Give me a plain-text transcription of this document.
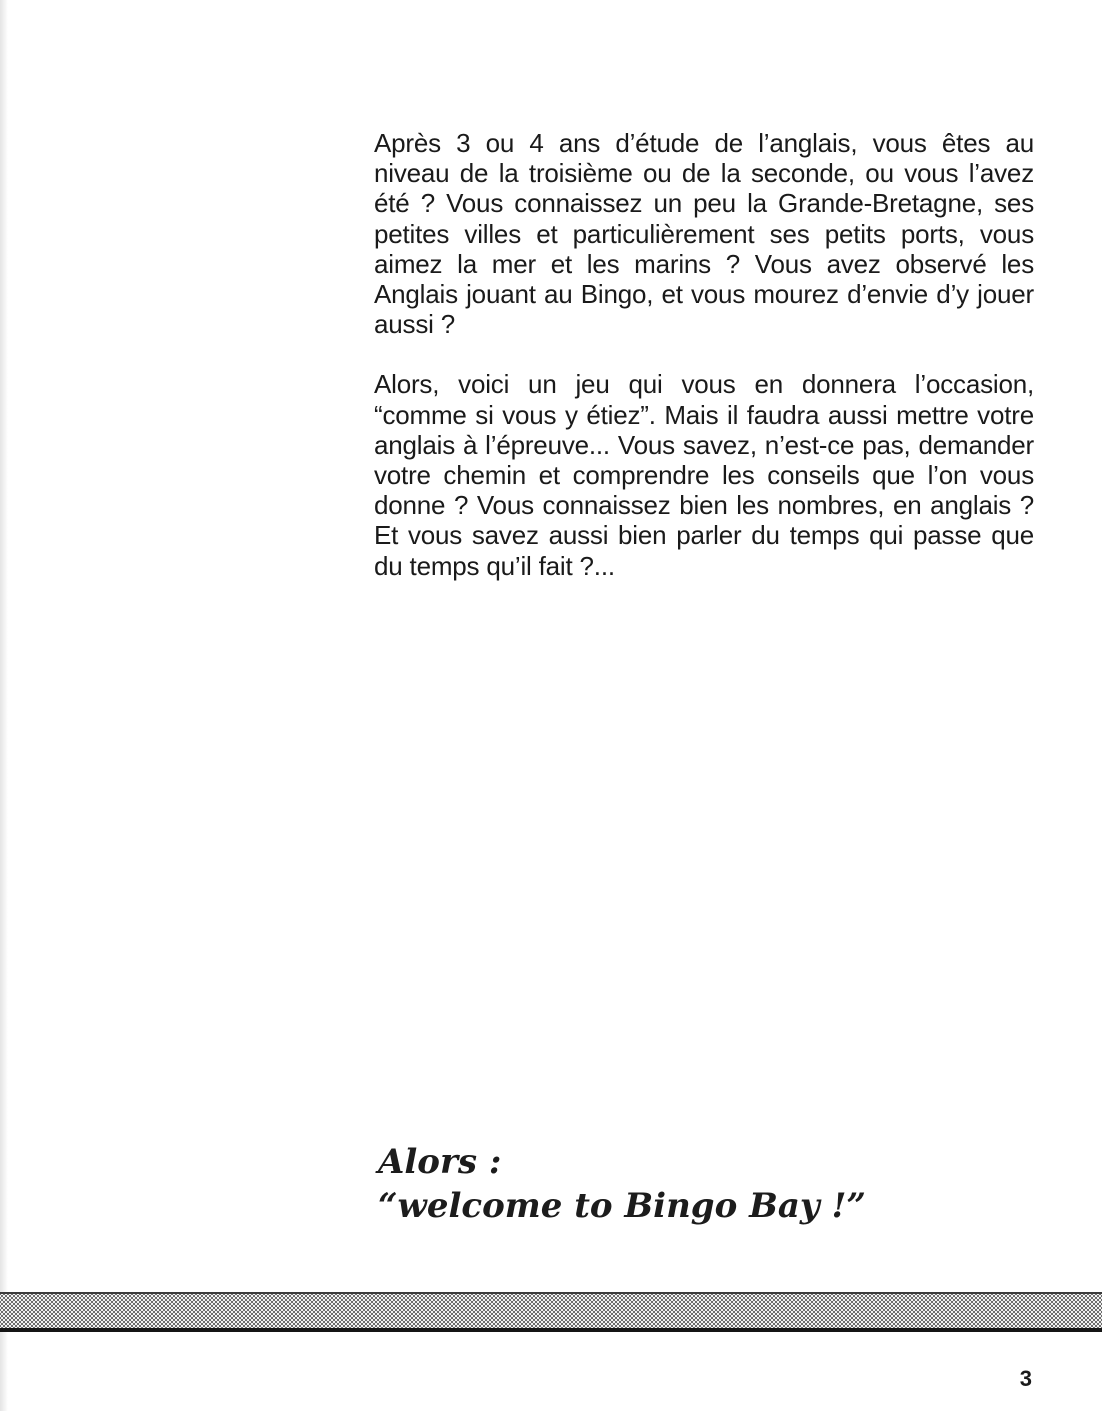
Après 3 ou 4 ans d’étude de l’anglais, vous êtes au niveau de la troisième ou de la seconde, ou vous l’avez été ? Vous connaissez un peu la Grande-Bretagne, ses petites villes et particulièrement ses petits ports, vous aimez la mer et les marins ? Vous avez observé les Anglais jouant au Bingo, et vous mourez d’envie d’y jouer aussi ?

Alors, voici un jeu qui vous en donnera l’occasion, “comme si vous y étiez”. Mais il faudra aussi mettre votre anglais à l’épreuve... Vous savez, n’est-ce pas, demander votre chemin et comprendre les conseils que l’on vous donne ? Vous connaissez bien les nombres, en anglais ? Et vous savez aussi bien parler du temps qui passe que du temps qu’il fait ?...

Alors :
“welcome to Bingo Bay !”
3
